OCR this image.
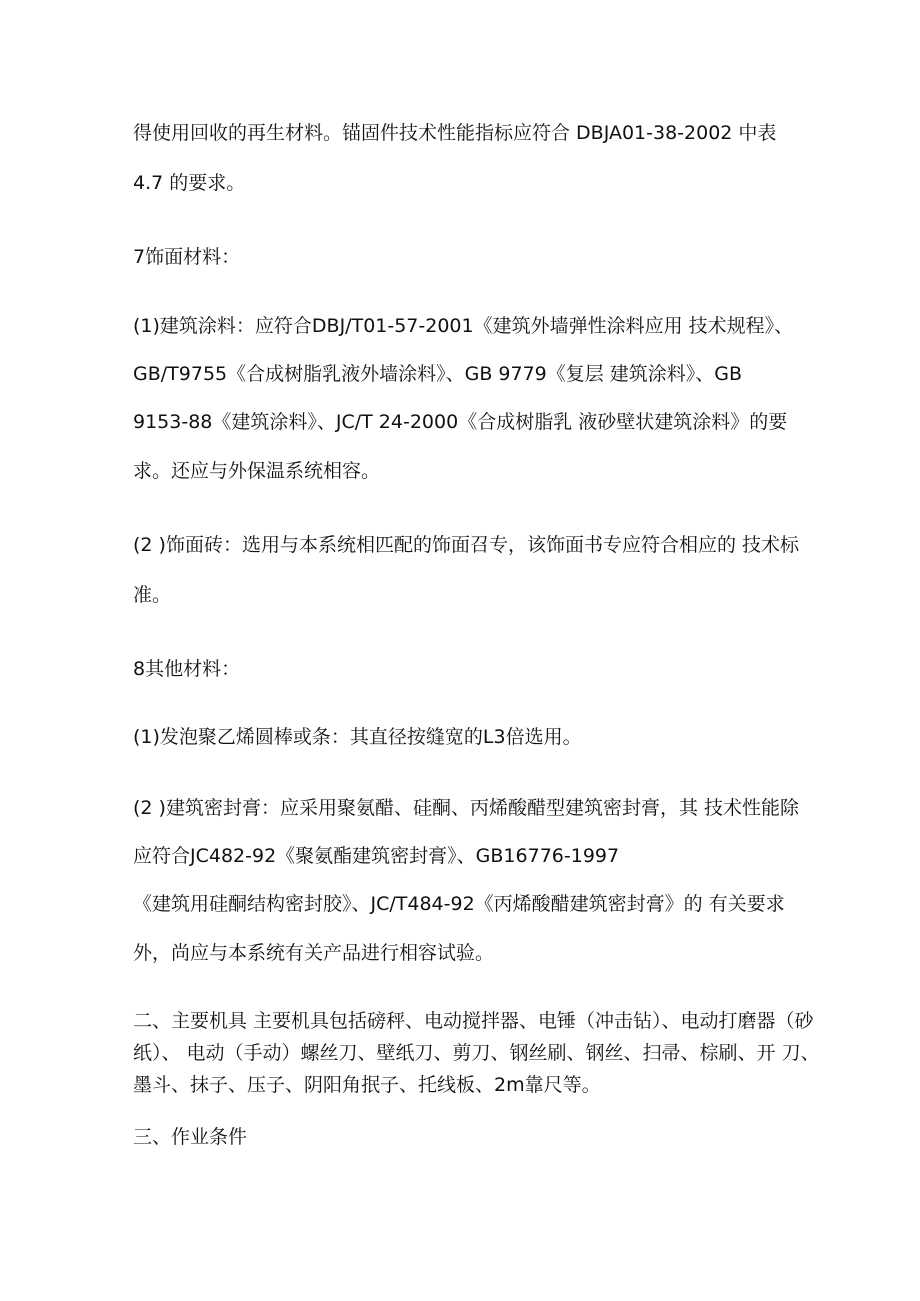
得使用回收的再生材料。锚固件技术性能指标应符合 DBJA01-38-2002 中表

4.7 的要求。

7饰面材料：

(1)建筑涂料：应符合DBJ/T01-57-2001《建筑外墙弹性涂料应用 技术规程》、

GB/T9755《合成树脂乳液外墙涂料》、GB 9779《复层 建筑涂料》、GB

9153-88《建筑涂料》、JC/T 24-2000《合成树脂乳 液砂壁状建筑涂料》的要

求。还应与外保温系统相容。

(2 )饰面砖：选用与本系统相匹配的饰面召专，该饰面书专应符合相应的 技术标

准。

8其他材料：

(1)发泡聚乙烯圆棒或条：其直径按缝宽的L3倍选用。

(2 )建筑密封膏：应采用聚氨醋、硅酮、丙烯酸醋型建筑密封膏，其 技术性能除

应符合JC482-92《聚氨酯建筑密封膏》、GB16776-1997

《建筑用硅酮结构密封胶》、JC/T484-92《丙烯酸醋建筑密封膏》的 有关要求

外，尚应与本系统有关产品进行相容试验。

二、主要机具 主要机具包括磅秤、电动搅拌器、电锤（冲击钻）、电动打磨器（砂

纸）、 电动（手动）螺丝刀、壁纸刀、剪刀、钢丝刷、钢丝、扫帚、棕刷、开 刀、

墨斗、抹子、压子、阴阳角抿子、托线板、2m靠尺等。

三、作业条件
